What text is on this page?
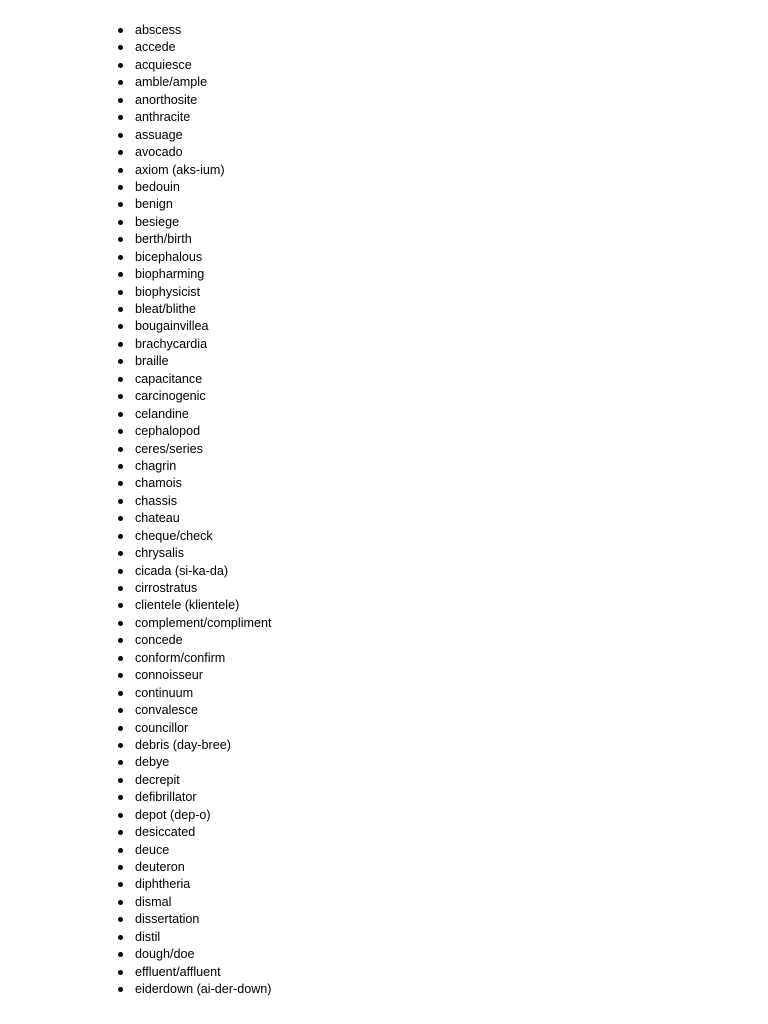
abscess
accede
acquiesce
amble/ample
anorthosite
anthracite
assuage
avocado
axiom (aks-ium)
bedouin
benign
besiege
berth/birth
bicephalous
biopharming
biophysicist
bleat/blithe
bougainvillea
brachycardia
braille
capacitance
carcinogenic
celandine
cephalopod
ceres/series
chagrin
chamois
chassis
chateau
cheque/check
chrysalis
cicada (si-ka-da)
cirrostratus
clientele (klientele)
complement/compliment
concede
conform/confirm
connoisseur
continuum
convalesce
councillor
debris (day-bree)
debye
decrepit
defibrillator
depot (dep-o)
desiccated
deuce
deuteron
diphtheria
dismal
dissertation
distil
dough/doe
effluent/affluent
eiderdown (ai-der-down)
